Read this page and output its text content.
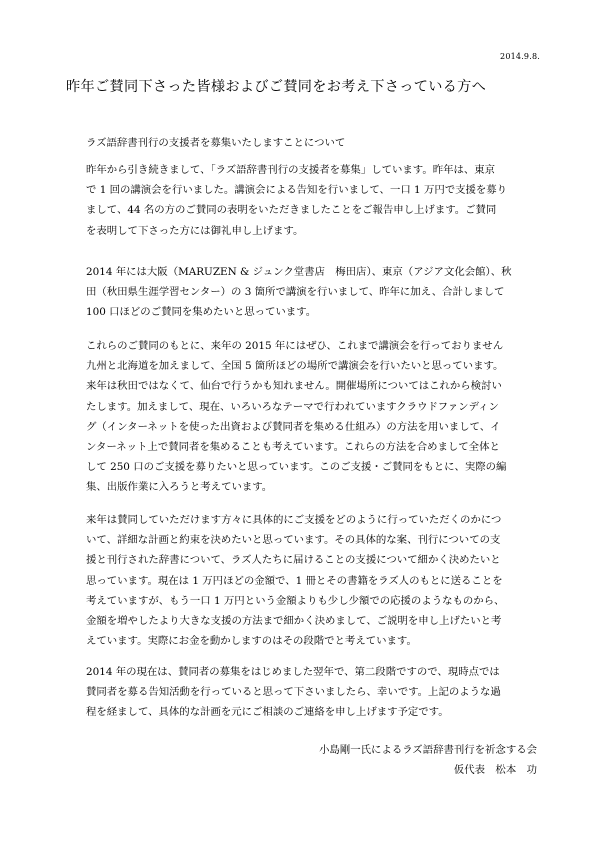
2014.9.8.
昨年ご賛同下さった皆様およびご賛同をお考え下さっている方へ
ラズ語辞書刊行の支援者を募集いたしますことについて
昨年から引き続きまして、「ラズ語辞書刊行の支援者を募集」しています。昨年は、東京
で 1 回の講演会を行いました。講演会による告知を行いまして、一口 1 万円で支援を募り
まして、44 名の方のご賛同の表明をいただきましたことをご報告申し上げます。ご賛同
を表明して下さった方には御礼申し上げます。
2014 年には大阪（MARUZEN & ジュンク堂書店　梅田店）、東京（アジア文化会館）、秋
田（秋田県生涯学習センター）の 3 箇所で講演を行いまして、昨年に加え、合計しまして
100 口ほどのご賛同を集めたいと思っています。
これらのご賛同のもとに、来年の 2015 年にはぜひ、これまで講演会を行っておりません
九州と北海道を加えまして、全国 5 箇所ほどの場所で講演会を行いたいと思っています。
来年は秋田ではなくて、仙台で行うかも知れません。開催場所についてはこれから検討い
たします。加えまして、現在、いろいろなテーマで行われていますクラウドファンディン
グ（インターネットを使った出資および賛同者を集める仕組み）の方法を用いまして、イ
ンターネット上で賛同者を集めることも考えています。これらの方法を合めまして全体と
して 250 口のご支援を募りたいと思っています。このご支援・ご賛同をもとに、実際の編
集、出版作業に入ろうと考えています。
来年は賛同していただけます方々に具体的にご支援をどのように行っていただくのかにつ
いて、詳細な計画と約束を決めたいと思っています。その具体的な案、刊行についての支
援と刊行された辞書について、ラズ人たちに届けることの支援について細かく決めたいと
思っています。現在は 1 万円ほどの金額で、1 冊とその書籍をラズ人のもとに送ることを
考えていますが、もう一口 1 万円という金額よりも少し少額での応援のようなものから、
金額を増やしたより大きな支援の方法まで細かく決めまして、ご説明を申し上げたいと考
えています。実際にお金を動かしますのはその段階でと考えています。
2014 年の現在は、賛同者の募集をはじめました翌年で、第二段階ですので、現時点では
賛同者を募る告知活動を行っていると思って下さいましたら、幸いです。上記のような過
程を経まして、具体的な計画を元にご相談のご連絡を申し上げます予定です。
小島剛一氏によるラズ語辞書刊行を祈念する会
仮代表　松本　功
